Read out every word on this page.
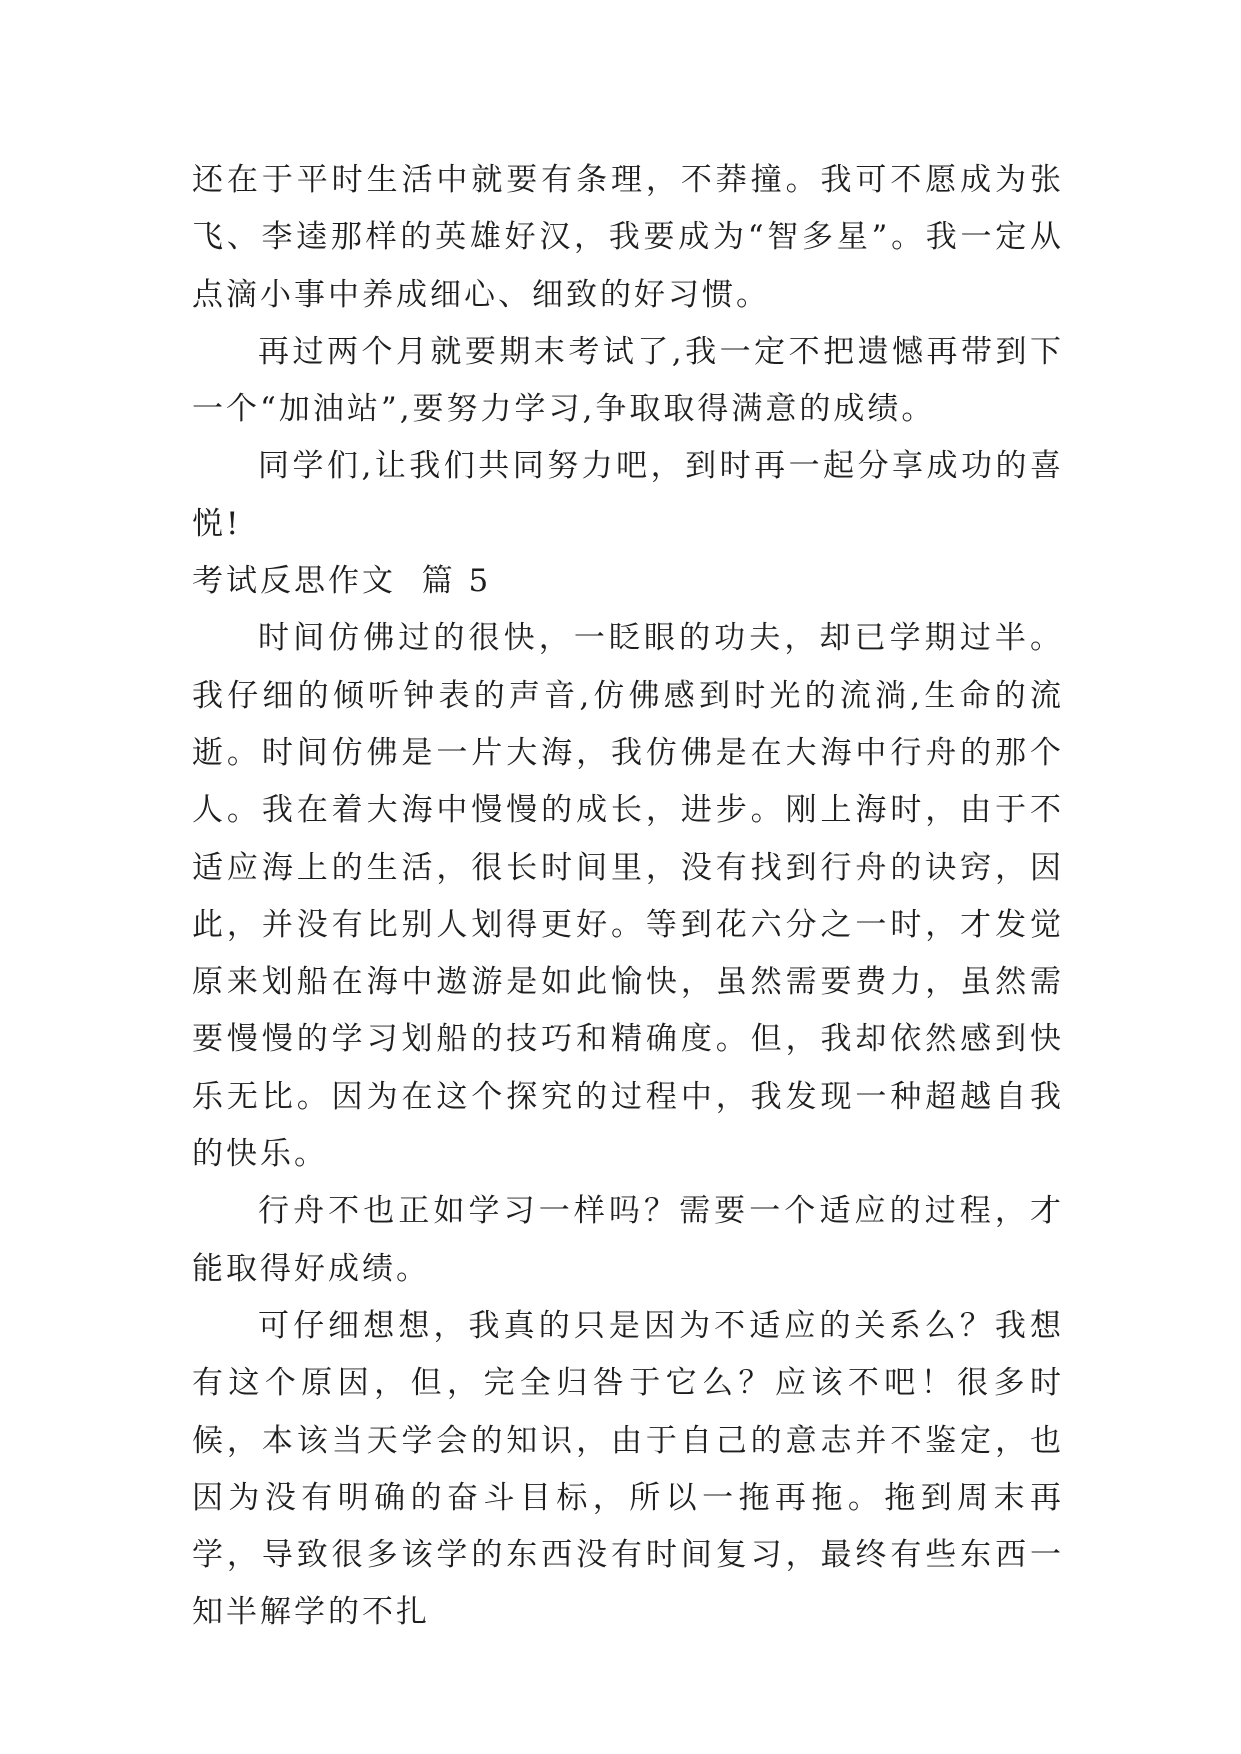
还在于平时生活中就要有条理，不莽撞。我可不愿成为张飞、李逵那样的英雄好汉，我要成为“智多星”。我一定从点滴小事中养成细心、细致的好习惯。

再过两个月就要期末考试了,我一定不把遗憾再带到下一个“加油站”,要努力学习,争取取得满意的成绩。

同学们,让我们共同努力吧，到时再一起分享成功的喜悦!

考试反思作文  篇 5

时间仿佛过的很快，一眨眼的功夫，却已学期过半。我仔细的倾听钟表的声音,仿佛感到时光的流淌,生命的流逝。时间仿佛是一片大海，我仿佛是在大海中行舟的那个人。我在着大海中慢慢的成长，进步。刚上海时，由于不适应海上的生活，很长时间里，没有找到行舟的诀窍，因此，并没有比别人划得更好。等到花六分之一时，才发觉原来划船在海中遨游是如此愉快，虽然需要费力，虽然需要慢慢的学习划船的技巧和精确度。但，我却依然感到快乐无比。因为在这个探究的过程中，我发现一种超越自我的快乐。

行舟不也正如学习一样吗？需要一个适应的过程，才能取得好成绩。

可仔细想想，我真的只是因为不适应的关系么？我想有这个原因，但，完全归咎于它么？应该不吧！很多时候，本该当天学会的知识，由于自己的意志并不鉴定，也因为没有明确的奋斗目标，所以一拖再拖。拖到周末再学，导致很多该学的东西没有时间复习，最终有些东西一知半解学的不扎
